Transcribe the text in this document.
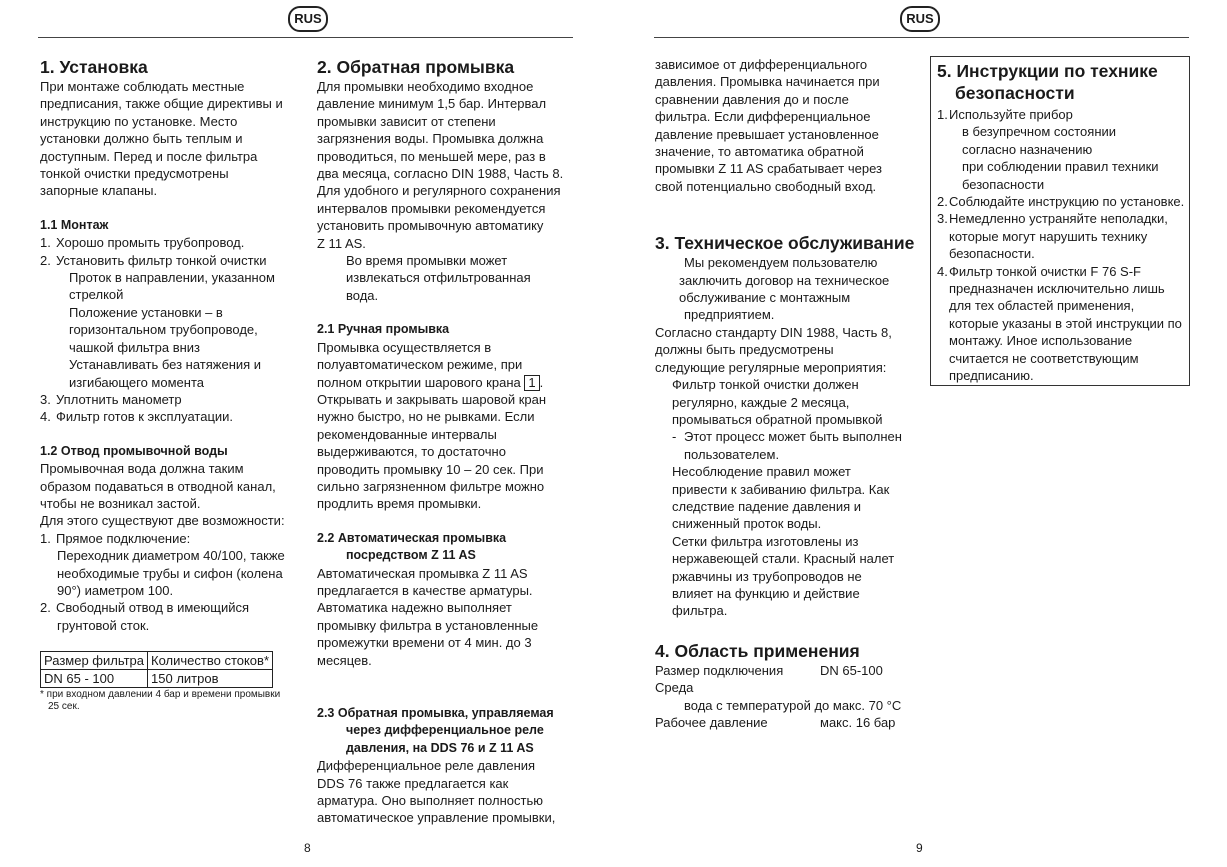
RUS	RUS
1. Установка
При монтаже соблюдать местные
предписания, также общие директивы и
инструкцию по установке. Место
установки должно быть теплым и
доступным. Перед и после фильтра
тонкой очистки предусмотрены
запорные клапаны.
1.1 Монтаж
1. Хорошо промыть трубопровод.
2. Установить фильтр тонкой очистки
Проток в направлении, указанном
стрелкой
Положение установки – в
горизонтальном трубопроводе,
чашкой фильтра вниз
Устанавливать без натяжения и
изгибающего момента
3. Уплотнить манометр
4. Фильтр готов к эксплуатации.
1.2 Отвод промывочной воды
Промывочная вода должна таким
образом подаваться в отводной канал,
чтобы не возникал застой.
Для этого существуют две возможности:
1. Прямое подключение:
Переходник диаметром 40/100, также
необходимые трубы и сифон (колена
90°) иаметром 100.
2. Свободный отвод в имеющийся
грунтовой сток.
Размер фильтра	Количество стоков*
DN 65 - 100	150 литров
* при входном давлении 4 бар и времени промывки
25 сек.
2. Обратная промывка
Для промывки необходимо входное
давление минимум 1,5 бар. Интервал
промывки зависит от степени
загрязнения воды. Промывка должна
проводиться, по меньшей мере, раз в
два месяца, согласно DIN 1988, Часть 8.
Для удобного и регулярного сохранения
интервалов промывки рекомендуется
установить промывочную автоматику
Z 11 AS.
Во время промывки может
извлекаться отфильтрованная
вода.
2.1 Ручная промывка
Промывка осуществляется в
полуавтоматическом режиме, при
полном открытии шарового крана 1 .
Открывать и закрывать шаровой кран
нужно быстро, но не рывками. Если
рекомендованные интервалы
выдерживаются, то достаточно
проводить промывку 10 – 20 сек. При
сильно загрязненном фильтре можно
продлить время промывки.
2.2 Автоматическая промывка
посредством Z 11 AS
Автоматическая промывка Z 11 AS
предлагается в качестве арматуры.
Автоматика надежно выполняет
промывку фильтра в установленные
промежутки времени от 4 мин. до 3
месяцев.
2.3 Обратная промывка, управляемая
через дифференциальное реле
давления, на DDS 76 и Z 11 AS
Дифференциальное реле давления
DDS 76 также предлагается как
арматура. Оно выполняет полностью
автоматическое управление промывки,
зависимое от дифференциального
давления. Промывка начинается при
сравнении давления до и после
фильтра. Если дифференциальное
давление превышает установленное
значение, то автоматика обратной
промывки Z 11 AS срабатывает через
свой потенциально свободный вход.
3. Техническое обслуживание
Мы рекомендуем пользователю
заключить договор на техническое
обслуживание с монтажным
предприятием.
Согласно стандарту DIN 1988, Часть 8,
должны быть предусмотрены
следующие регулярные мероприятия:
Фильтр тонкой очистки должен
регулярно, каждые 2 месяца,
промываться обратной промывкой
- Этот процесс может быть выполнен
пользователем.
Несоблюдение правил может
привести к забиванию фильтра. Как
следствие падение давления и
сниженный проток воды.
Сетки фильтра изготовлены из
нержавеющей стали. Красный налет
ржавчины из трубопроводов не
влияет на функцию и действие
фильтра.
4. Область применения
Размер подключения	DN 65-100
Среда
вода с температурой до макс. 70 °C
Рабочее давление	макс. 16 бар
5. Инструкции по технике
безопасности
1. Используйте прибор
в безупречном состоянии
согласно назначению
при соблюдении правил техники
безопасности
2. Соблюдайте инструкцию по установке.
3. Немедленно устраняйте неполадки,
которые могут нарушить технику
безопасности.
4. Фильтр тонкой очистки F 76 S-F
предназначен исключительно лишь
для тех областей применения,
которые указаны в этой инструкции по
монтажу. Иное использование
считается не соответствующим
предписанию.
8	9
